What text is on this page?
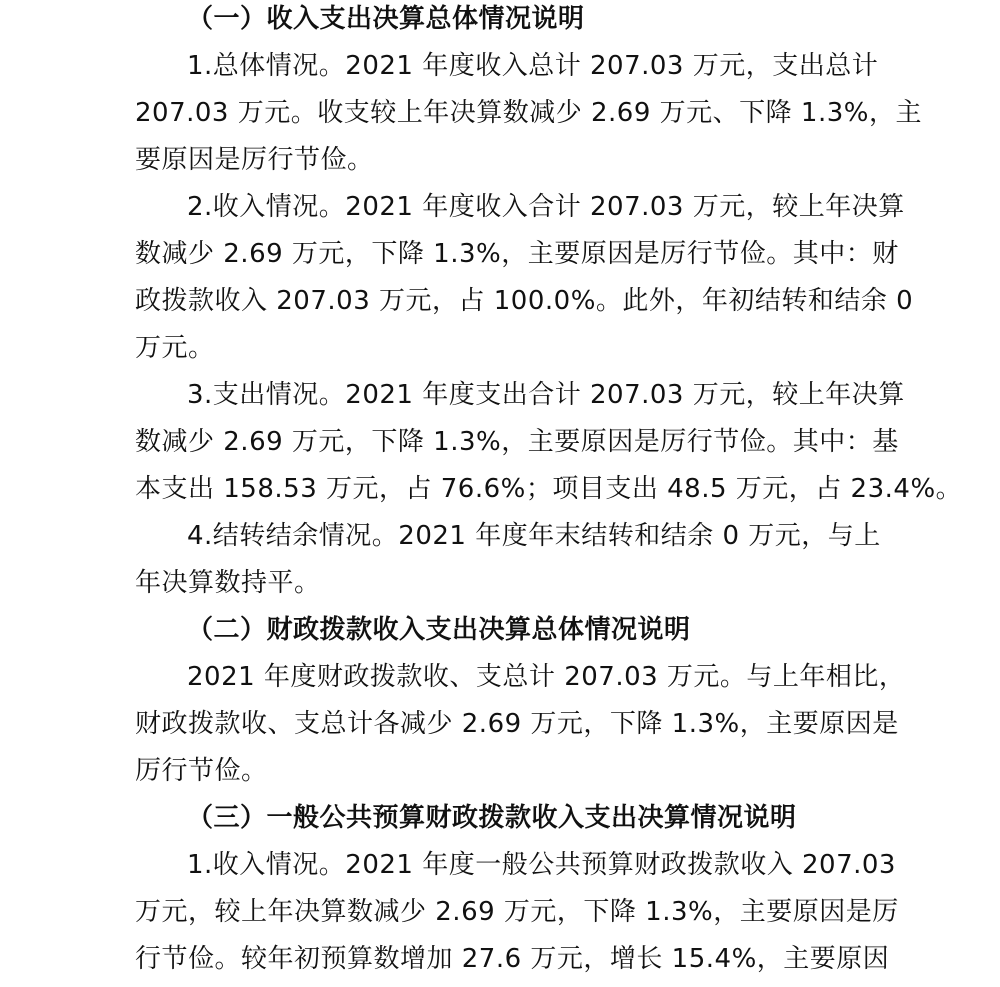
（一）收入支出决算总体情况说明
1.总体情况。2021 年度收入总计 207.03 万元，支出总计
207.03 万元。收支较上年决算数减少 2.69 万元、下降 1.3%，主
要原因是厉行节俭。
2.收入情况。2021 年度收入合计 207.03 万元，较上年决算
数减少 2.69 万元，下降 1.3%，主要原因是厉行节俭。其中：财
政拨款收入 207.03 万元，占 100.0%。此外，年初结转和结余 0
万元。
3.支出情况。2021 年度支出合计 207.03 万元，较上年决算
数减少 2.69 万元，下降 1.3%，主要原因是厉行节俭。其中：基
本支出 158.53 万元，占 76.6%；项目支出 48.5 万元，占 23.4%。
4.结转结余情况。2021 年度年末结转和结余 0 万元，与上
年决算数持平。
（二）财政拨款收入支出决算总体情况说明
2021 年度财政拨款收、支总计 207.03 万元。与上年相比，
财政拨款收、支总计各减少 2.69 万元，下降 1.3%，主要原因是
厉行节俭。
（三）一般公共预算财政拨款收入支出决算情况说明
1.收入情况。2021 年度一般公共预算财政拨款收入 207.03
万元，较上年决算数减少 2.69 万元，下降 1.3%，主要原因是厉
行节俭。较年初预算数增加 27.6 万元，增长 15.4%，主要原因
